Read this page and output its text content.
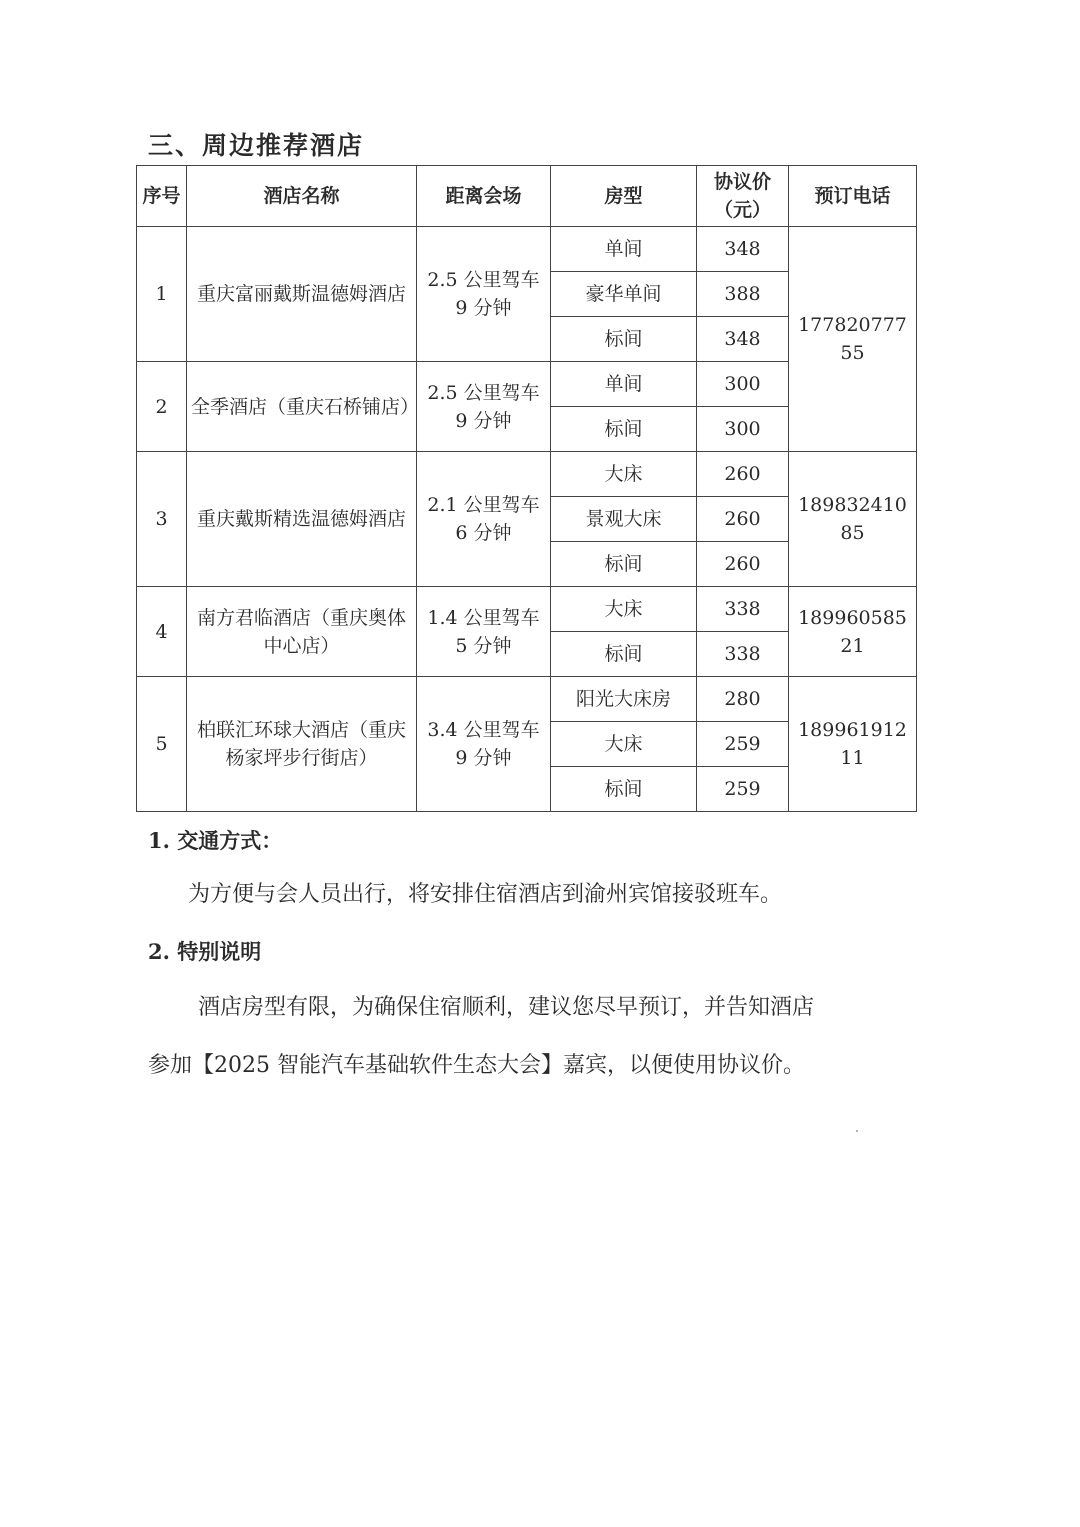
三、周边推荐酒店
序号	酒店名称	距离会场	房型	协议价（元）	预订电话
1	重庆富丽戴斯温德姆酒店	2.5 公里驾车 9 分钟	单间	348	17782077755
			豪华单间	388	
			标间	348	
2	全季酒店（重庆石桥铺店）	2.5 公里驾车 9 分钟	单间	300	
			标间	300	
3	重庆戴斯精选温德姆酒店	2.1 公里驾车 6 分钟	大床	260	18983241085
			景观大床	260	
			标间	260	
4	南方君临酒店（重庆奥体中心店）	1.4 公里驾车 5 分钟	大床	338	18996058521
			标间	338	
5	柏联汇环球大酒店（重庆杨家坪步行街店）	3.4 公里驾车 9 分钟	阳光大床房	280	18996191211
			大床	259	
			标间	259	
1. 交通方式：

为方便与会人员出行，将安排住宿酒店到渝州宾馆接驳班车。

2. 特别说明

酒店房型有限，为确保住宿顺利，建议您尽早预订，并告知酒店

参加【2025 智能汽车基础软件生态大会】嘉宾，以便使用协议价。
